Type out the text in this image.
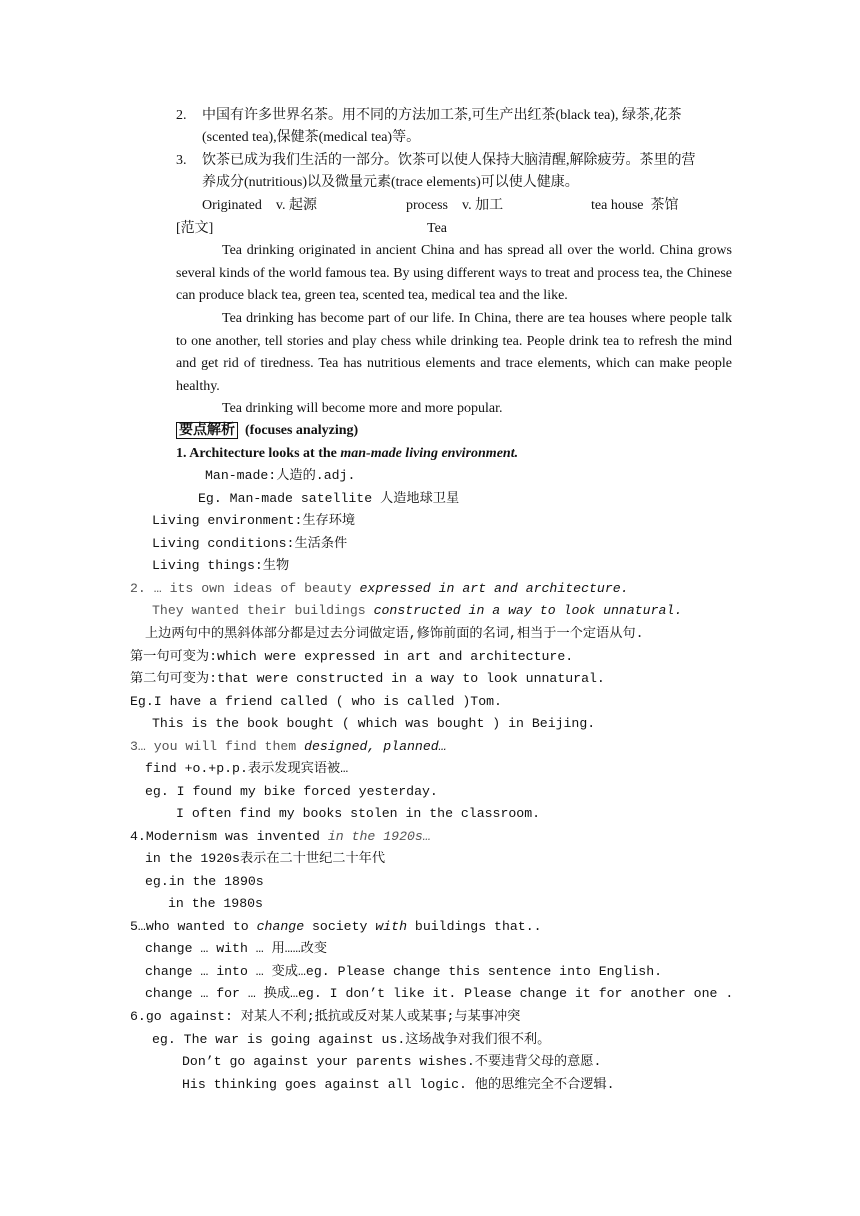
2. 中国有许多世界名茶。用不同的方法加工茶,可生产出红茶(black tea), 绿茶,花茶
(scented tea),保健茶(medical tea)等。
3. 饮茶已成为我们生活的一部分。饮茶可以使人保持大脑清醒,解除疲劳。茶里的营
养成分(nutritious)以及微量元素(trace elements)可以使人健康。
Originated v. 起源	process v. 加工	tea house 茶馆
[范文]	Tea
Tea drinking originated in ancient China and has spread all over the world. China grows several kinds of the world famous tea. By using different ways to treat and process tea, the Chinese can produce black tea, green tea, scented tea, medical tea and the like.
Tea drinking has become part of our life. In China, there are tea houses where people talk to one another, tell stories and play chess while drinking tea. People drink tea to refresh the mind and get rid of tiredness. Tea has nutritious elements and trace elements, which can make people healthy.
Tea drinking will become more and more popular.
要点解析 (focuses analyzing)
1. Architecture looks at the man-made living environment.
Man-made:人造的.adj.
Eg. Man-made satellite 人造地球卫星
Living environment:生存环境
Living conditions:生活条件
Living things:生物
2. … its own ideas of beauty expressed in art and architecture.
They wanted their buildings constructed in a way to look unnatural.
上边两句中的黑斜体部分都是过去分词做定语,修饰前面的名词,相当于一个定语从句.
第一句可变为:which were expressed in art and architecture.
第二句可变为:that were constructed in a way to look unnatural.
Eg.I have a friend called ( who is called )Tom.
This is the book bought ( which was bought ) in Beijing.
3… you will find them designed, planned…
find +o.+p.p.表示发现宾语被…
eg. I found my bike forced yesterday.
I often find my books stolen in the classroom.
4.Modernism was invented in the 1920s…
in the 1920s表示在二十世纪二十年代
eg.in the 1890s
in the 1980s
5…who wanted to change society with buildings that..
change … with … 用……改变
change … into … 变成…eg. Please change this sentence into English.
change … for … 换成…eg. I don’t like it. Please change it for another one .
6.go against: 对某人不利;抵抗或反对某人或某事;与某事冲突
eg. The war is going against us.这场战争对我们很不利。
Don’t go against your parents wishes.不要违背父母的意愿.
His thinking goes against all logic. 他的思维完全不合逻辑.
